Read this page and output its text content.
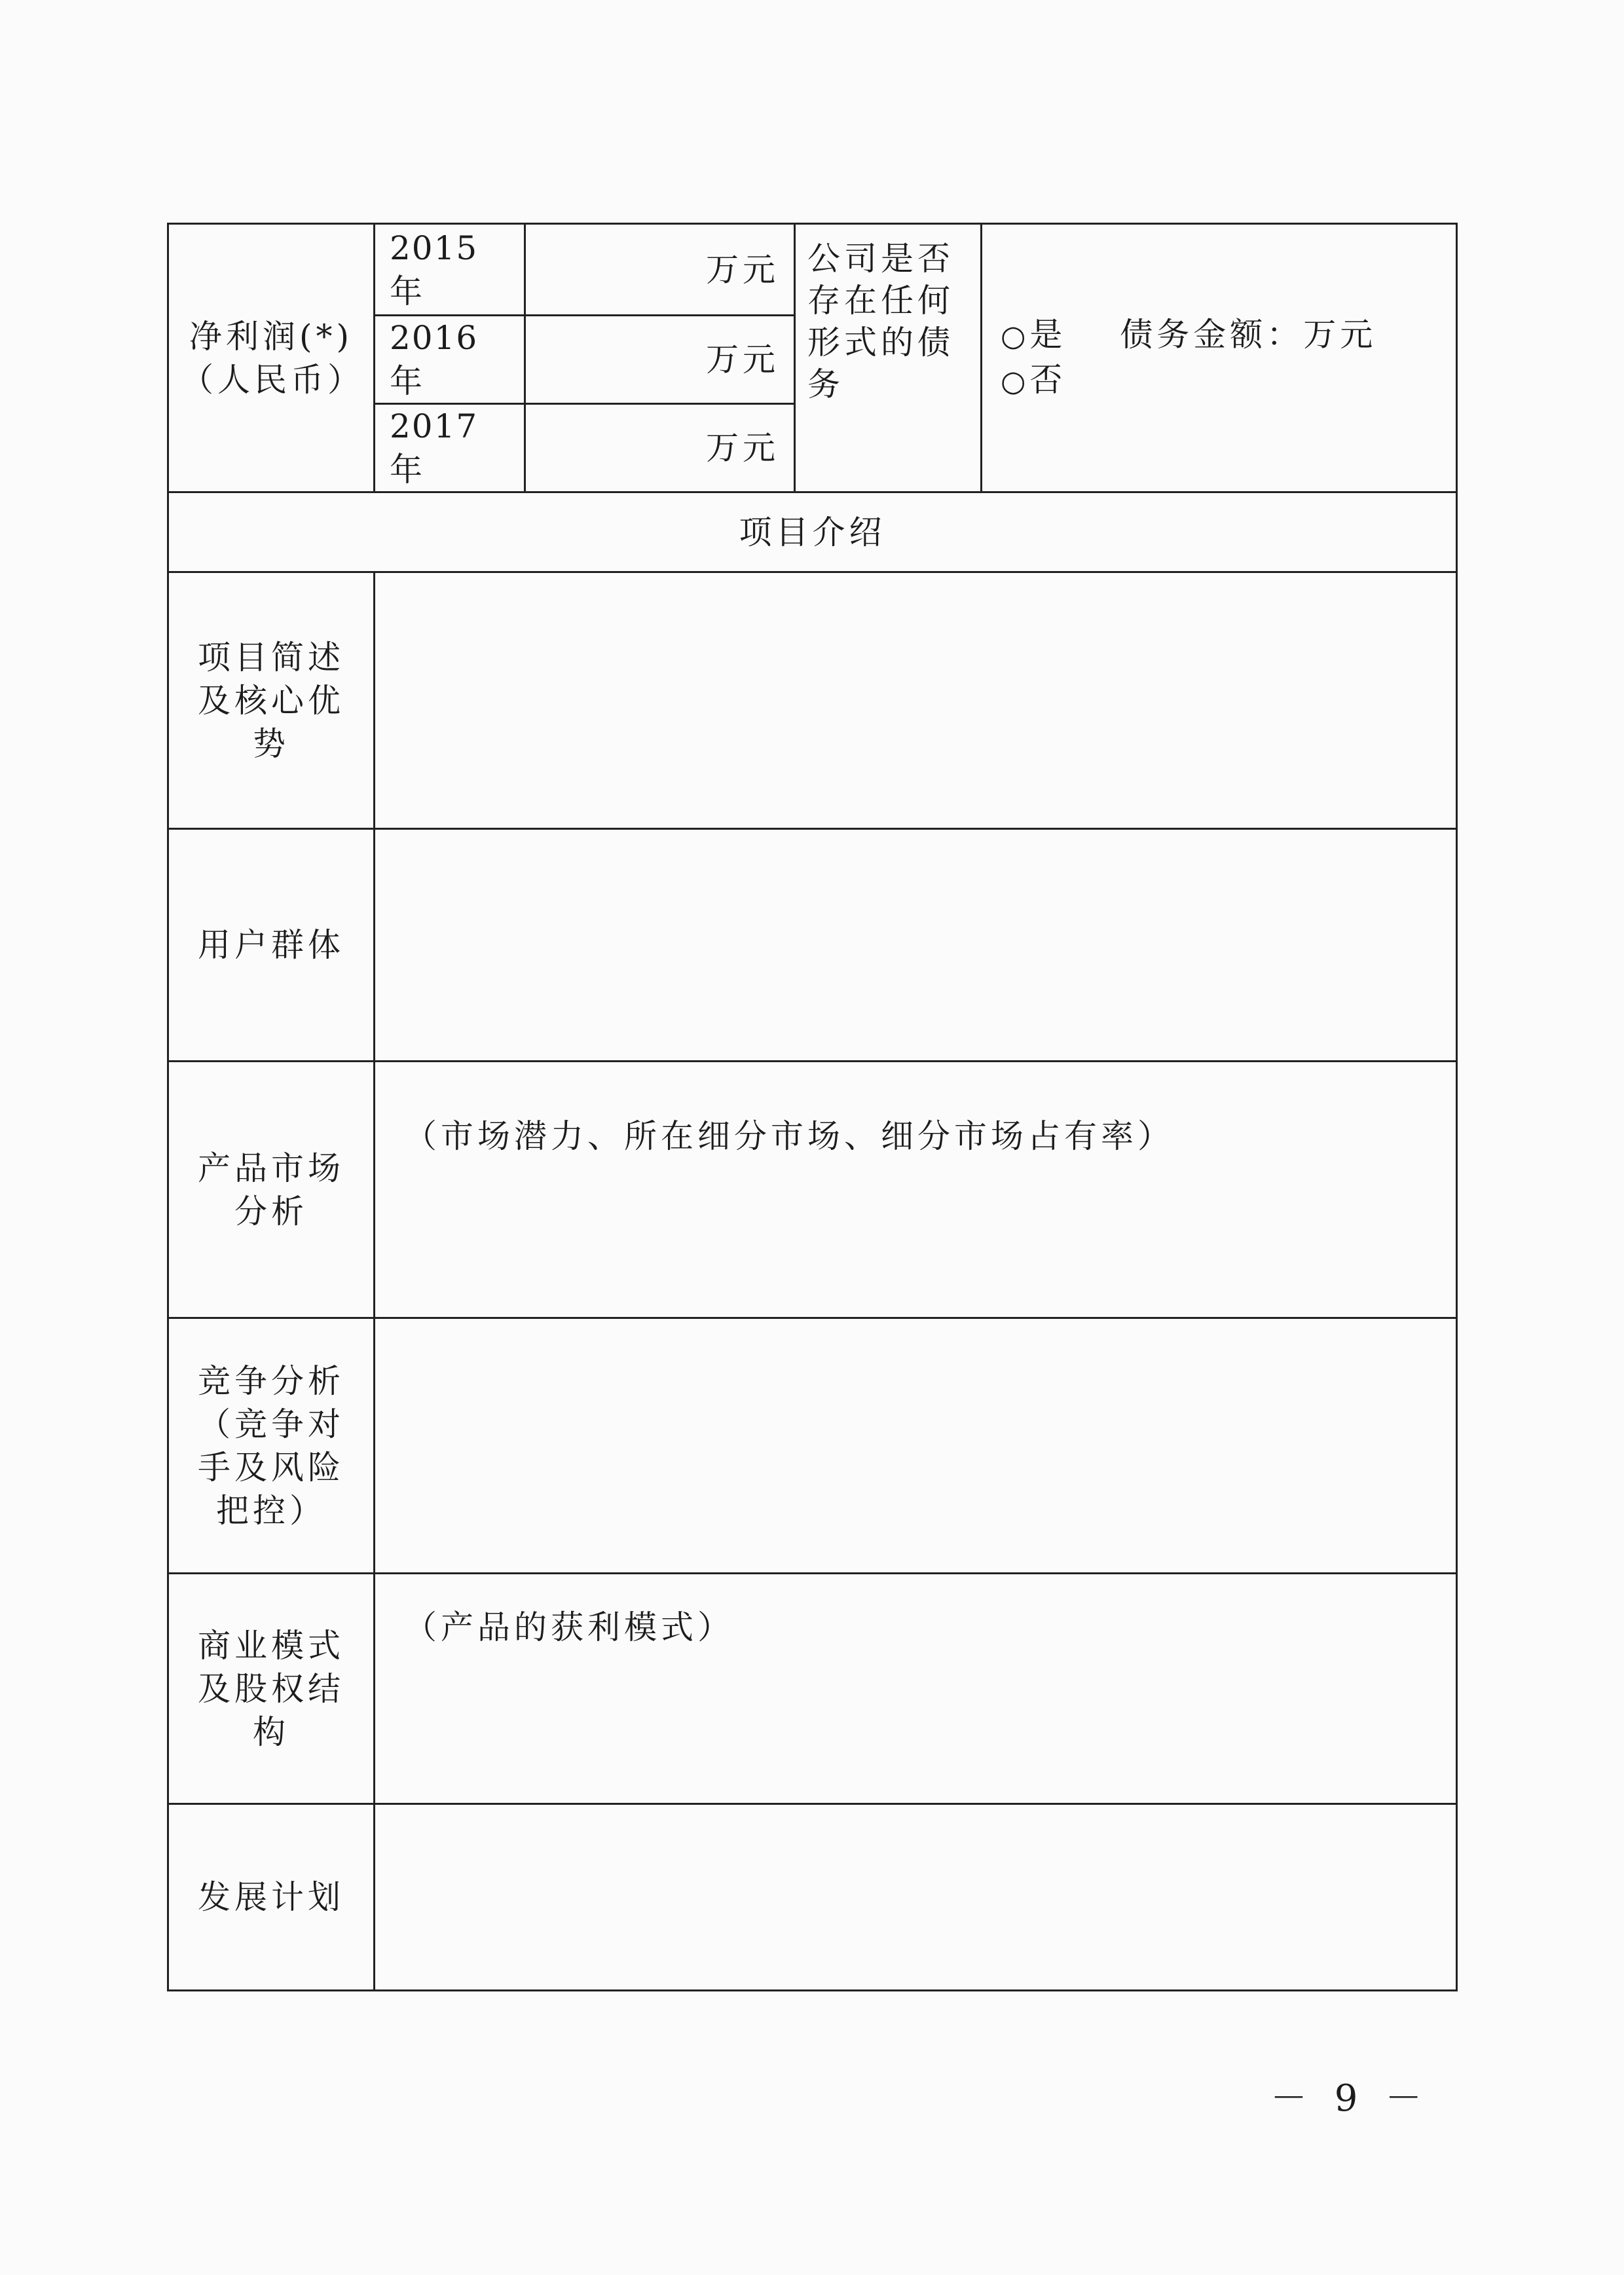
净利润(*)（人民币）	2015 年	万元	公司是否存在任何形式的债务	○是 债务金额：万元
○否

	2016 年	万元		
	2017 年	万元		
项目介绍				
项目简述及核心优势				
用户群体				
产品市场分析	（市场潜力、所在细分市场、细分市场占有率）			
竞争分析（竞争对手及风险把控）				
商业模式及股权结构	（产品的获利模式）			
发展计划				
－ 9 －
